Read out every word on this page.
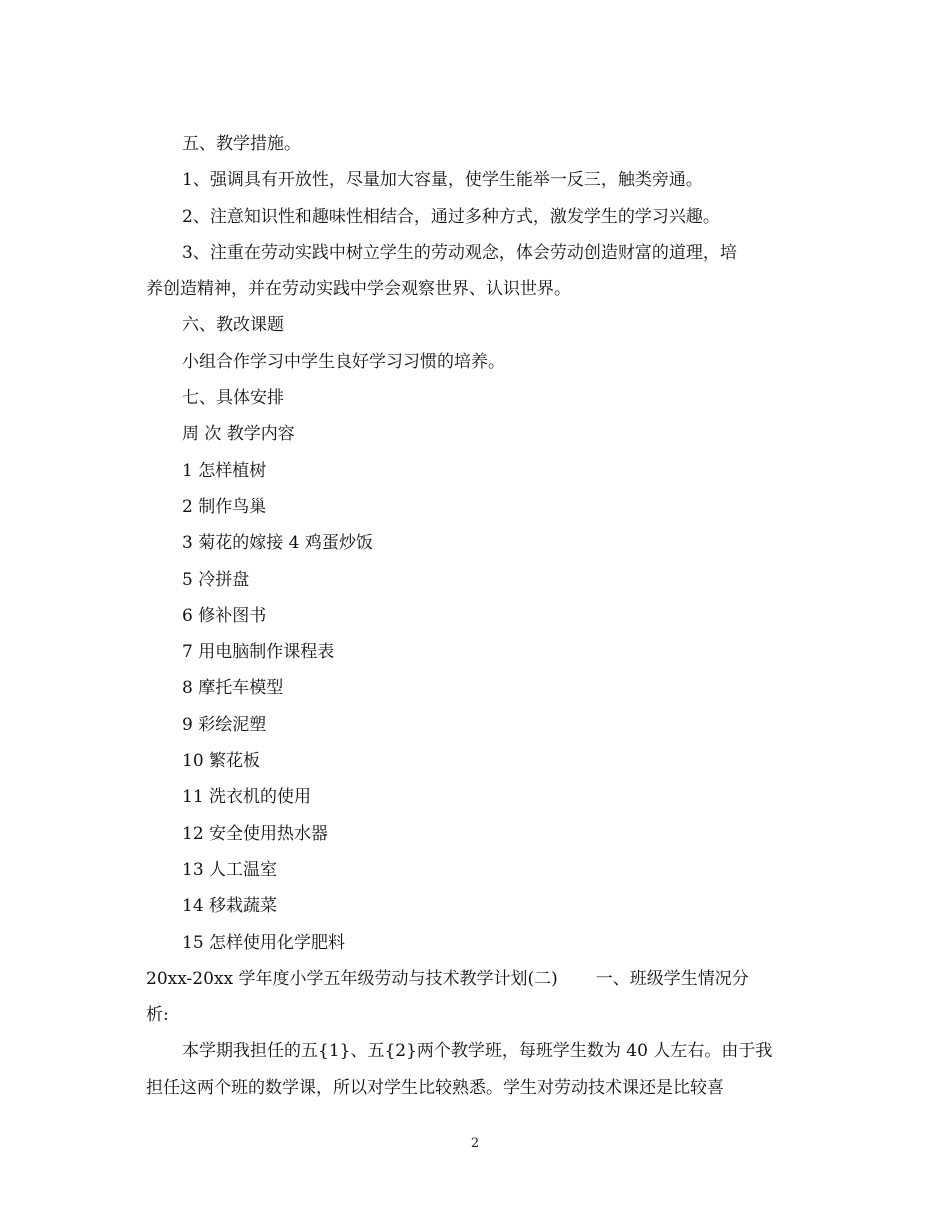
五、教学措施。
1、强调具有开放性，尽量加大容量，使学生能举一反三，触类旁通。
2、注意知识性和趣味性相结合，通过多种方式，激发学生的学习兴趣。
3、注重在劳动实践中树立学生的劳动观念，体会劳动创造财富的道理，培
养创造精神，并在劳动实践中学会观察世界、认识世界。
六、教改课题
小组合作学习中学生良好学习习惯的培养。
七、具体安排
周 次 教学内容
1 怎样植树
2 制作鸟巢
3 菊花的嫁接 4 鸡蛋炒饭
5 冷拼盘
6 修补图书
7 用电脑制作课程表
8 摩托车模型
9 彩绘泥塑
10 繁花板
11 洗衣机的使用
12 安全使用热水器
13 人工温室
14 移栽蔬菜
15 怎样使用化学肥料
20xx-20xx 学年度小学五年级劳动与技术教学计划(二) 一、班级学生情况分
析:
本学期我担任的五{1}、五{2}两个教学班，每班学生数为 40 人左右。由于我
担任这两个班的数学课，所以对学生比较熟悉。学生对劳动技术课还是比较喜
2
